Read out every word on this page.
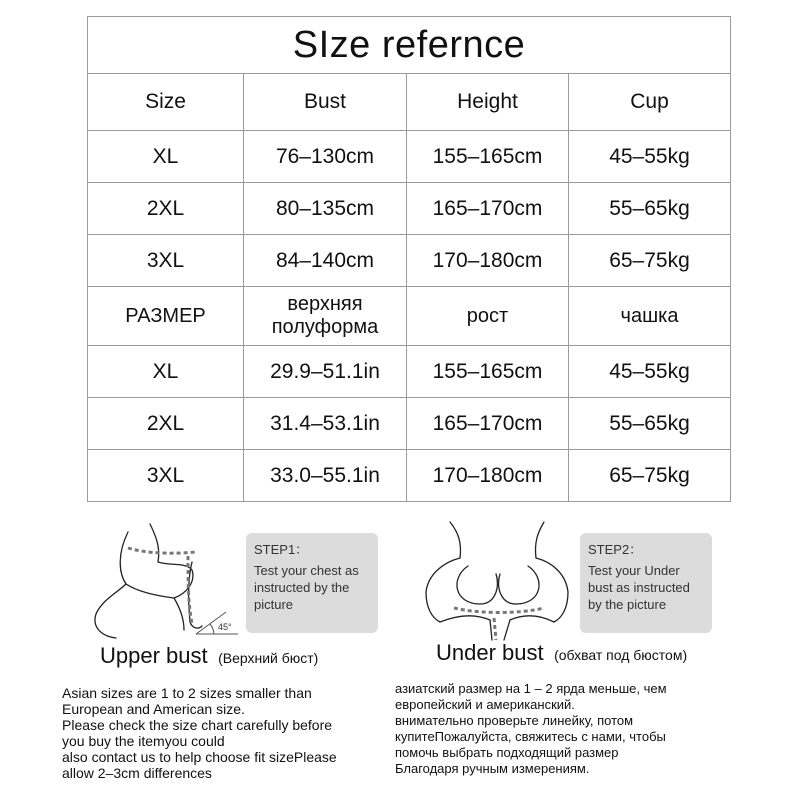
SIze refernce			
Size	Bust	Height	Cup
XL	76–130cm	155–165cm	45–55kg
2XL	80–135cm	165–170cm	55–65kg
3XL	84–140cm	170–180cm	65–75kg
РАЗМЕР	верхняя полуформа	рост	чашка
XL	29.9–51.1in	155–165cm	45–55kg
2XL	31.4–53.1in	165–170cm	55–65kg
3XL	33.0–55.1in	170–180cm	65–75kg
45°
STEP1：
Test your chest as instructed by the picture
Upper bust (Верхний бюст)
STEP2：
Test your Under bust as instructed by the picture
Under bust (обхват под бюстом)
Asian sizes are 1 to 2 sizes smaller than
European and American size.
Please check the size chart carefully before
you buy the itemyou could
also contact us to help choose fit sizePlease
allow 2–3cm differences
азиатский размер на 1 – 2 ярда меньше, чем
европейский и американский.
внимательно проверьте линейку, потом
купитеПожалуйста, свяжитесь с нами, чтобы
помочь выбрать подходящий размер
Благодаря ручным измерениям.
